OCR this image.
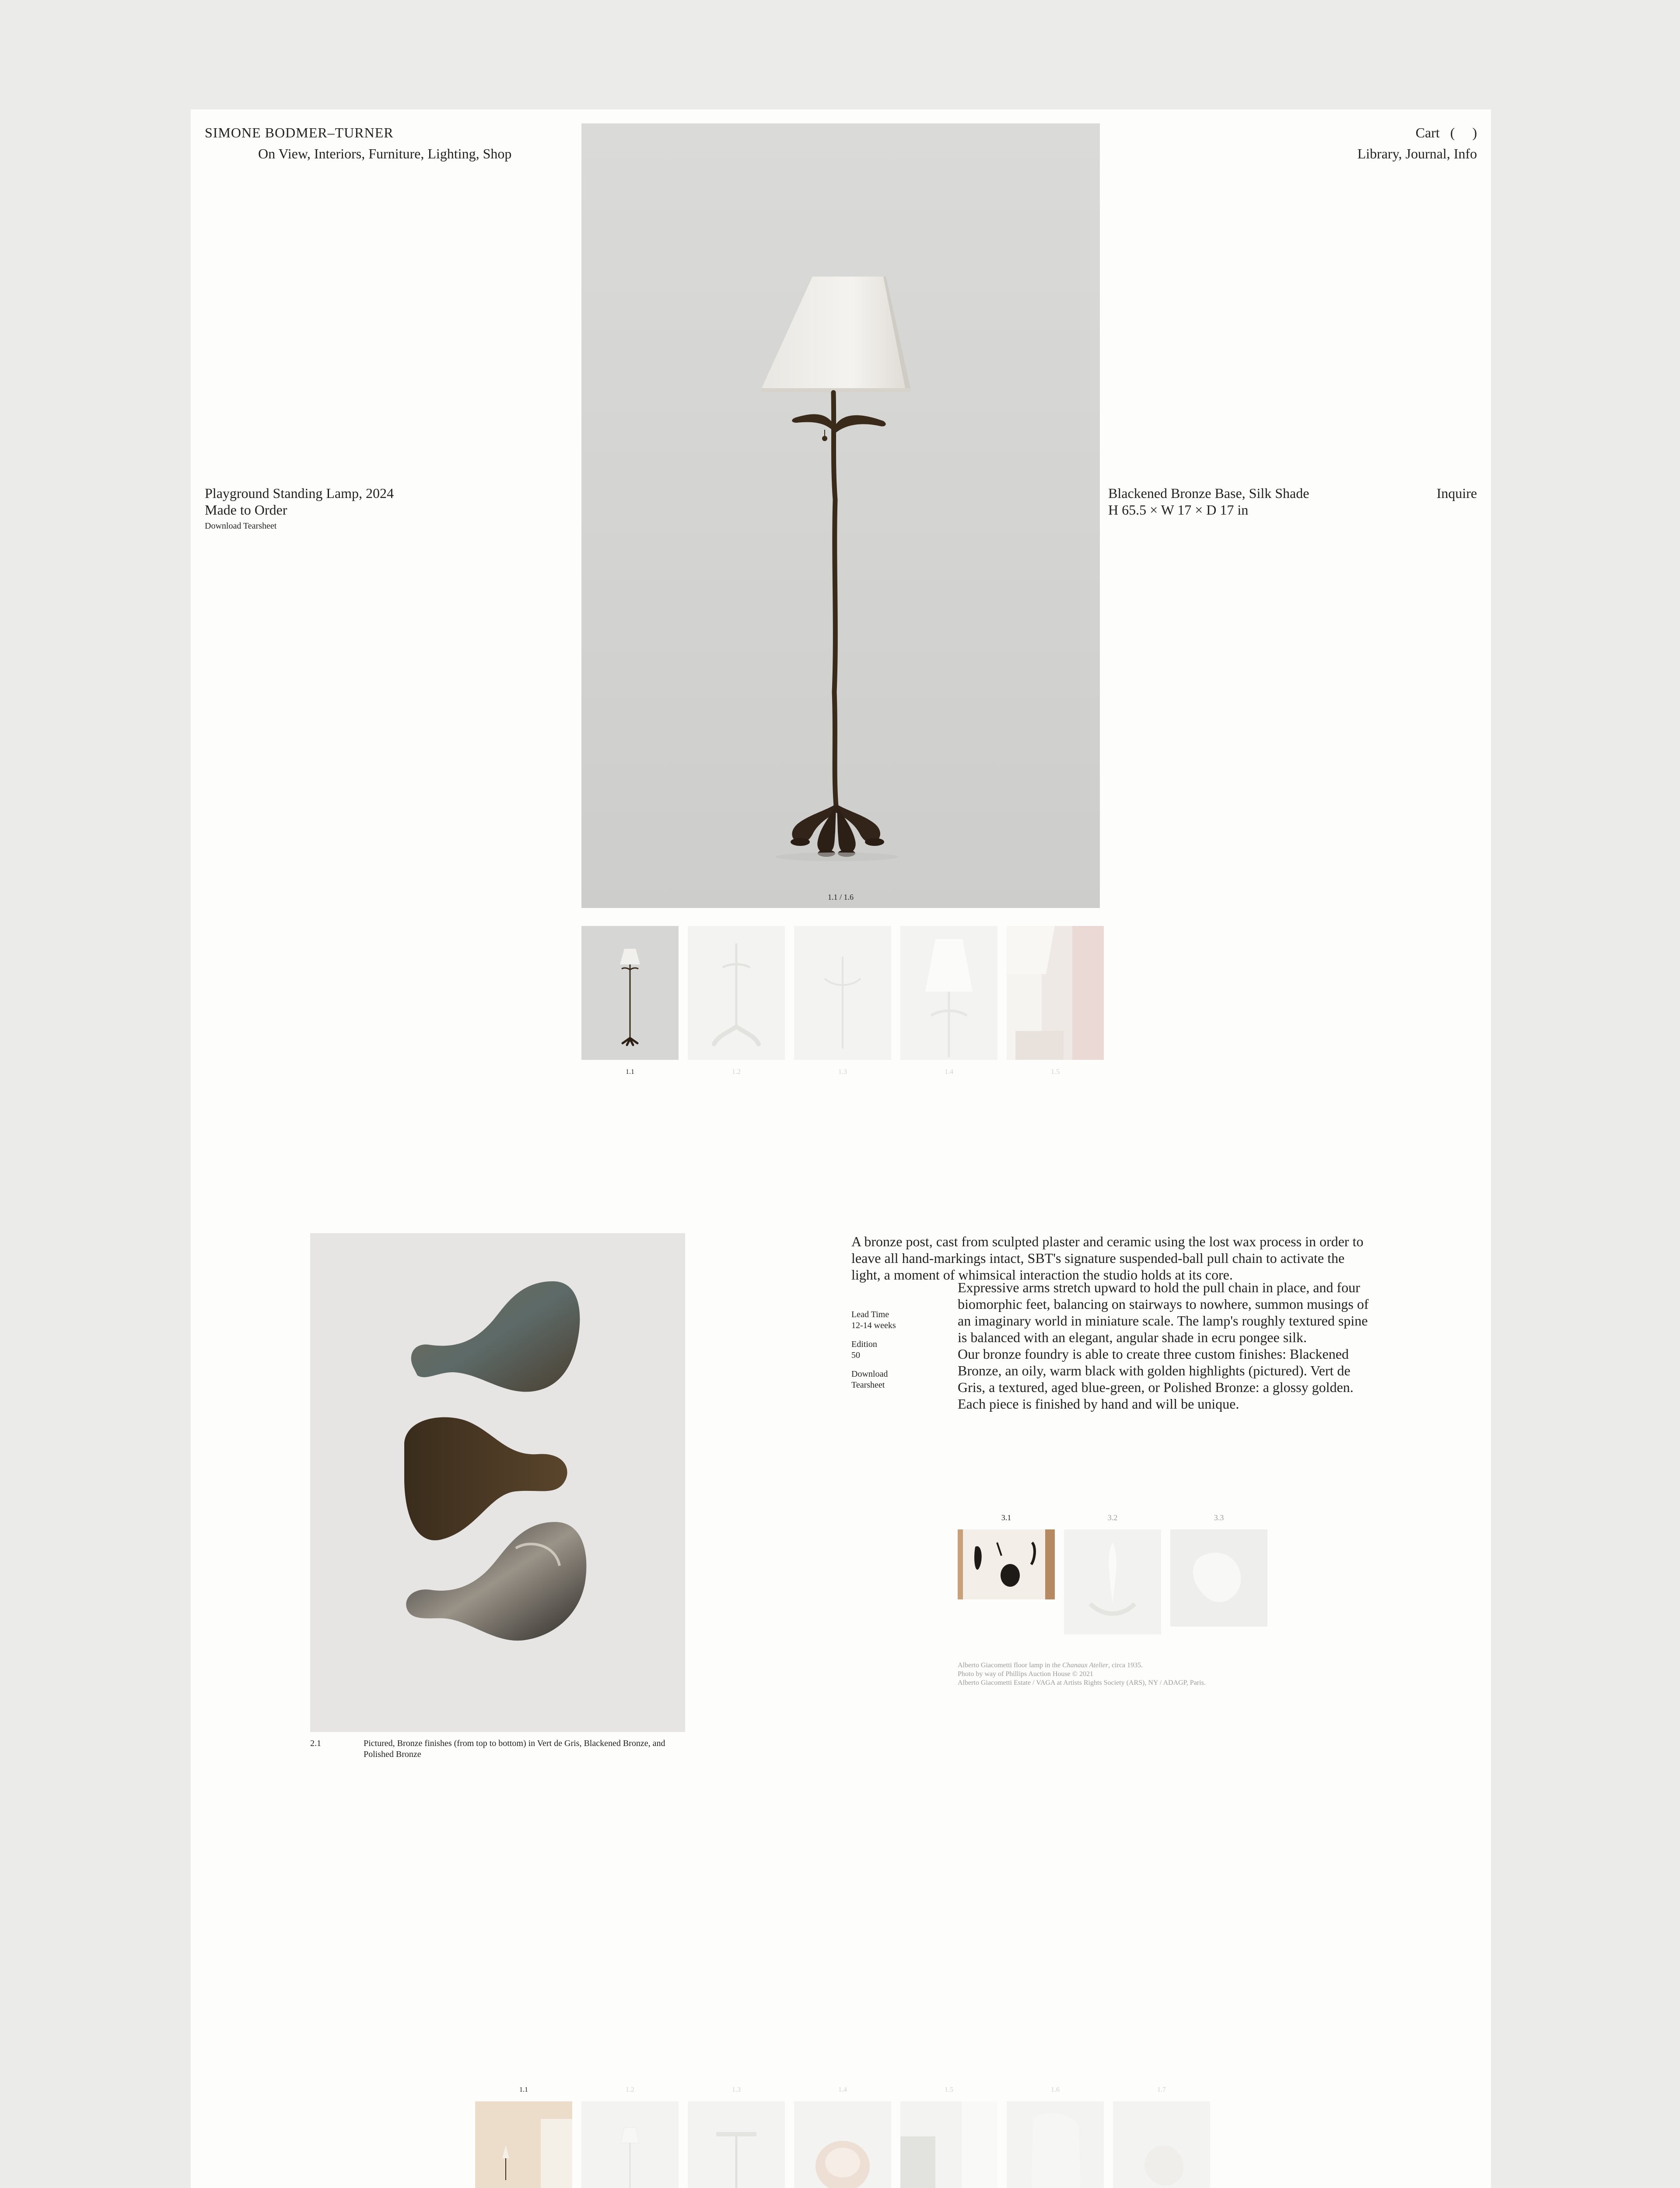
SIMONE BODMER–TURNER
On View, Interiors, Furniture, Lighting, Shop
Cart ( )
Library, Journal, Info
1.1 / 1.6
1.1	1.2	1.3	1.4	1.5
Playground Standing Lamp, 2024
Made to Order
Download Tearsheet
Blackened Bronze Base, Silk Shade
H 65.5 × W 17 × D 17 in
Inquire
2.1	Pictured, Bronze finishes (from top to bottom) in Vert de Gris, Blackened Bronze, and Polished Bronze
A bronze post, cast from sculpted plaster and ceramic using the lost wax process in order to leave all hand-markings intact, SBT's signature suspended-ball pull chain to activate the light, a moment of whimsical interaction the studio holds at its core.
Lead Time
12-14 weeks
Edition
50
Download
Tearsheet

Expressive arms stretch upward to hold the pull chain in place, and four biomorphic feet, balancing on stairways to nowhere, summon musings of an imaginary world in miniature scale. The lamp's roughly textured spine is balanced with an elegant, angular shade in ecru pongee silk.

Our bronze foundry is able to create three custom finishes: Blackened Bronze, an oily, warm black with golden highlights (pictured). Vert de Gris, a textured, aged blue-green, or Polished Bronze: a glossy golden. Each piece is finished by hand and will be unique.

3.1	3.2	3.3
Alberto Giacometti floor lamp in the Chanaux Atelier, circa 1935.
Photo by way of Phillips Auction House © 2021
Alberto Giacometti Estate / VAGA at Artists Rights Society (ARS), NY / ADAGP, Paris.
1.1	1.2	1.3	1.4	1.5	1.6	1.7
